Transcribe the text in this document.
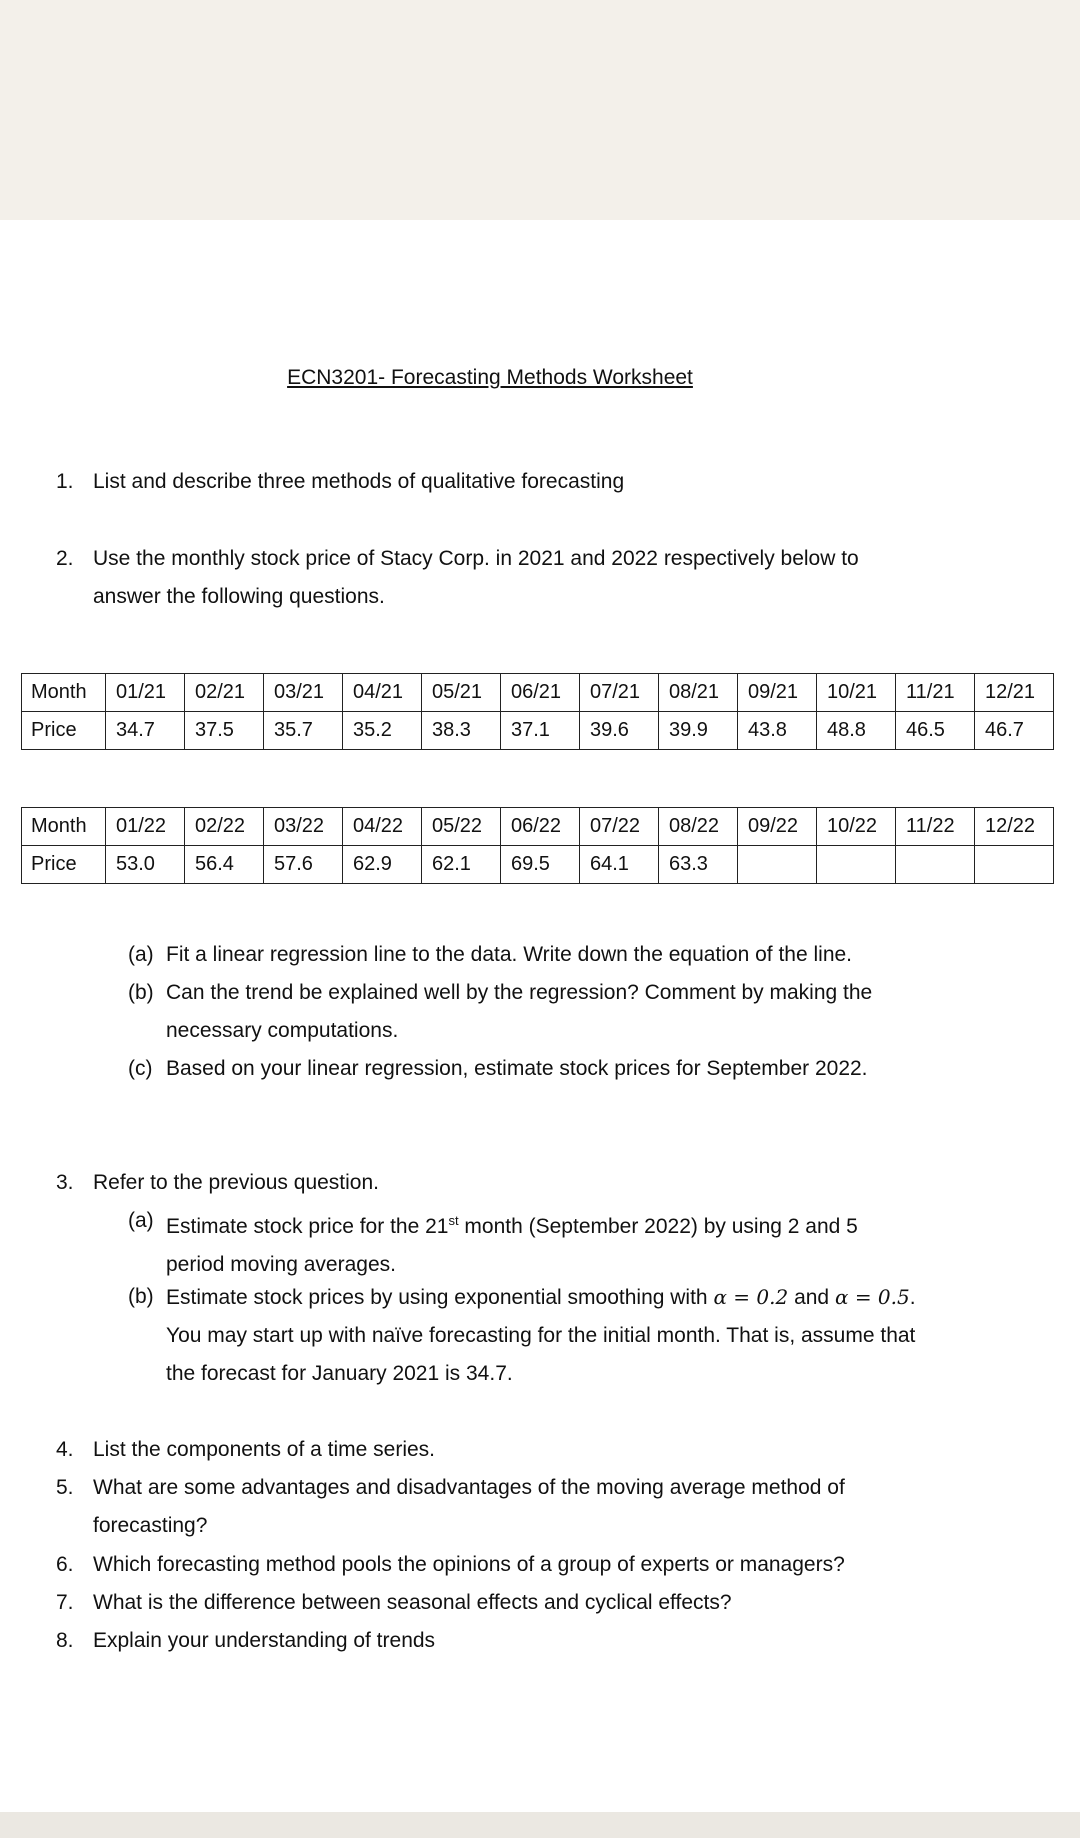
ECN3201- Forecasting Methods Worksheet
1. List and describe three methods of qualitative forecasting
2. Use the monthly stock price of Stacy Corp. in 2021 and 2022 respectively below to
answer the following questions.
Month	01/21	02/21	03/21	04/21	05/21	06/21	07/21	08/21	09/21	10/21	11/21	12/21
Price	34.7	37.5	35.7	35.2	38.3	37.1	39.6	39.9	43.8	48.8	46.5	46.7
Month	01/22	02/22	03/22	04/22	05/22	06/22	07/22	08/22	09/22	10/22	11/22	12/22
Price	53.0	56.4	57.6	62.9	62.1	69.5	64.1	63.3				
(a) Fit a linear regression line to the data. Write down the equation of the line.
(b) Can the trend be explained well by the regression? Comment by making the
necessary computations.
(c) Based on your linear regression, estimate stock prices for September 2022.
3. Refer to the previous question.
(a) Estimate stock price for the 21st month (September 2022) by using 2 and 5
period moving averages.
(b) Estimate stock prices by using exponential smoothing with α = 0.2 and α = 0.5.
You may start up with naïve forecasting for the initial month. That is, assume that
the forecast for January 2021 is 34.7.
4. List the components of a time series.
5. What are some advantages and disadvantages of the moving average method of
forecasting?
6. Which forecasting method pools the opinions of a group of experts or managers?
7. What is the difference between seasonal effects and cyclical effects?
8. Explain your understanding of trends
